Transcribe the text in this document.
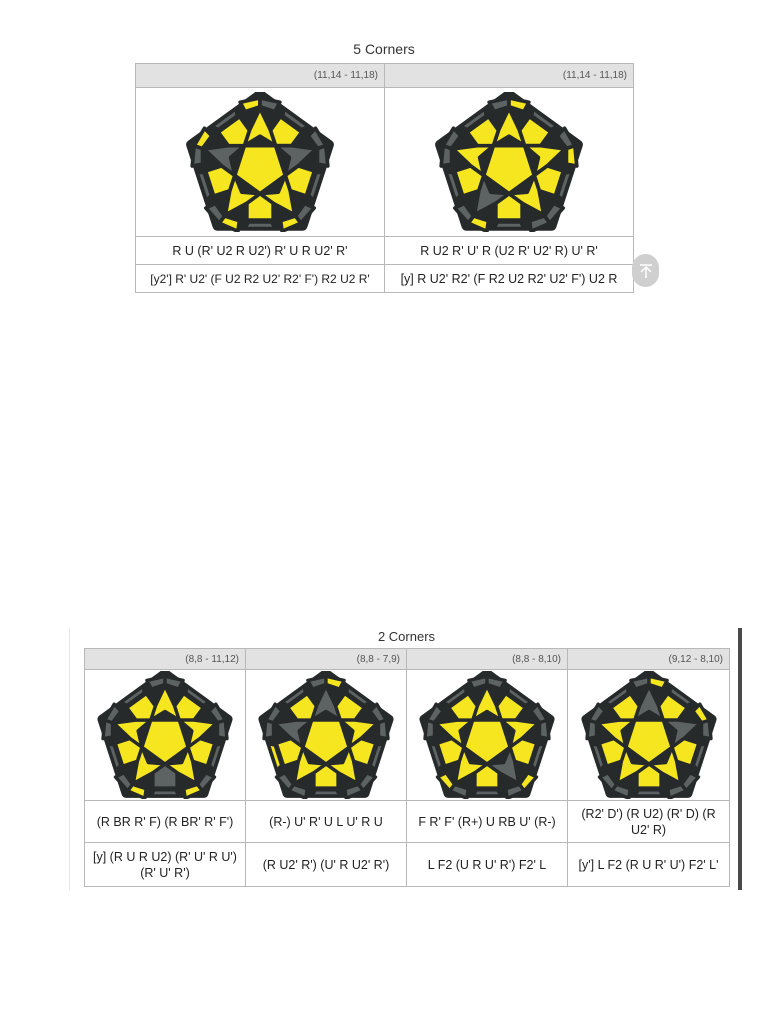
5 Corners
(11,14 - 11,18)	(11,14 - 11,18)

R U (R' U2 R U2') R' U R U2' R'	R U2 R' U' R (U2 R' U2' R) U' R'
[y2'] R' U2' (F U2 R2 U2' R2' F') R2 U2 R'	[y] R U2' R2' (F R2 U2 R2' U2' F') U2 R
2 Corners
(8,8 - 11,12)	(8,8 - 7,9)	(8,8 - 8,10)	(9,12 - 8,10)

(R BR R' F) (R BR' R' F')	(R-) U' R' U L U' R U	F R' F' (R+) U RB U' (R-)	(R2' D') (R U2) (R' D) (R U2' R)
[y] (R U R U2) (R' U' R U') (R' U' R')	(R U2' R') (U' R U2' R')	L F2 (U R U' R') F2' L	[y'] L F2 (R U R' U') F2' L'
